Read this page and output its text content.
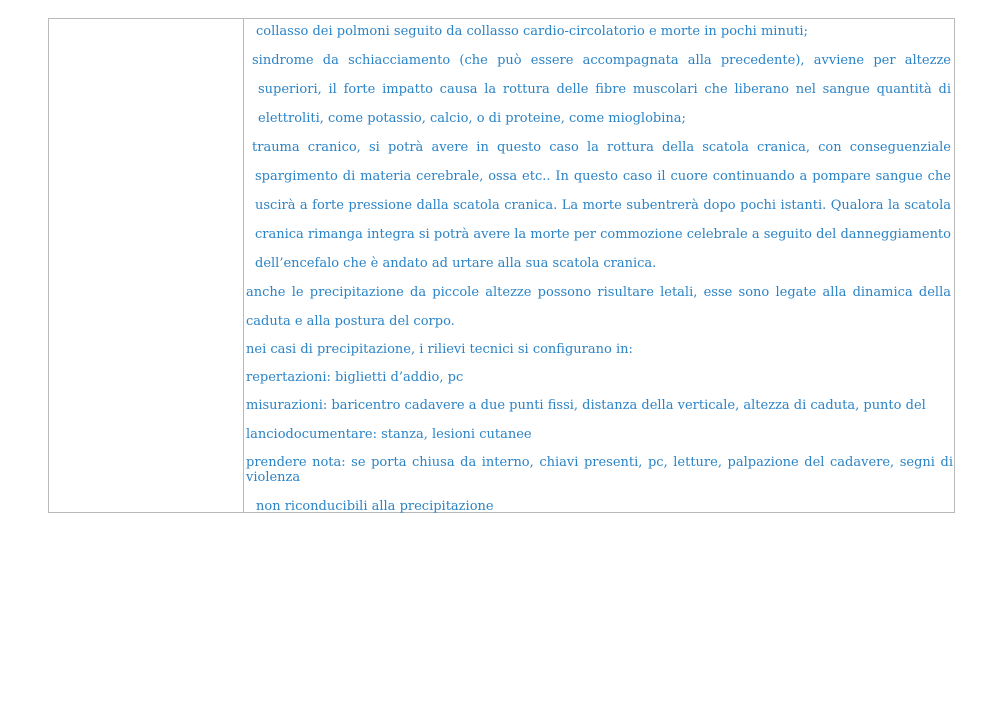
collasso dei polmoni seguito da collasso cardio-circolatorio e morte in pochi minuti;
sindrome da schiacciamento (che può essere accompagnata alla precedente), avviene per altezze
superiori, il forte impatto causa la rottura delle fibre muscolari che liberano nel sangue quantità di
elettroliti, come potassio, calcio, o di proteine, come mioglobina;
trauma cranico, si potrà avere in questo caso la rottura della scatola cranica, con conseguenziale
spargimento di materia cerebrale, ossa etc.. In questo caso il cuore continuando a pompare sangue che
uscirà a forte pressione dalla scatola cranica. La morte subentrerà dopo pochi istanti. Qualora la scatola
cranica rimanga integra si potrà avere la morte per commozione celebrale a seguito del danneggiamento
dell’encefalo che è andato ad urtare alla sua scatola cranica.
anche le precipitazione da piccole altezze possono risultare letali, esse sono legate alla dinamica della
caduta e alla postura del corpo.
nei casi di precipitazione, i rilievi tecnici si configurano in:
repertazioni: biglietti d’addio, pc
misurazioni: baricentro cadavere a due punti fissi, distanza della verticale, altezza di caduta, punto del
lanciodocumentare: stanza, lesioni cutanee
prendere nota: se porta chiusa da interno, chiavi presenti, pc, letture, palpazione del cadavere, segni di
violenza
non riconducibili alla precipitazione
